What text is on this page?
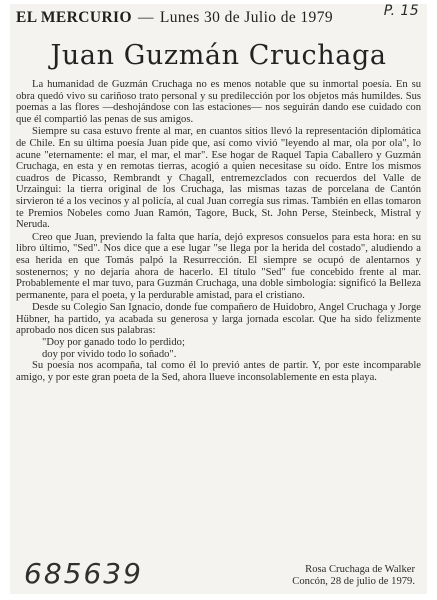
EL MERCURIO — Lunes 30 de Julio de 1979	P. 15
Juan Guzmán Cruchaga

La humanidad de Guzmán Cruchaga no es menos notable que su inmortal poesía. En su obra quedó vivo su cariñoso trato personal y su predilección por los objetos más humildes. Sus poemas a las flores —deshojándose con las estaciones— nos seguirán dando ese cuidado con que él compartió las penas de sus amigos.

Siempre su casa estuvo frente al mar, en cuantos sitios llevó la representación diplomática de Chile. En su última poesía Juan pide que, así como vivió "leyendo al mar, ola por ola", lo acune "eternamente: el mar, el mar, el mar". Ese hogar de Raquel Tapia Caballero y Guzmán Cruchaga, en esta y en remotas tierras, acogió a quien necesitase su oído. Entre los mismos cuadros de Picasso, Rembrandt y Chagall, entremezclados con recuerdos del Valle de Urzaingui: la tierra original de los Cruchaga, las mismas tazas de porcelana de Cantón sirvieron té a los vecinos y al policía, al cual Juan corregía sus rimas. También en ellas tomaron te Premios Nobeles como Juan Ramón, Tagore, Buck, St. John Perse, Steinbeck, Mistral y Neruda.

Creo que Juan, previendo la falta que haría, dejó expresos consuelos para esta hora: en su libro último, "Sed". Nos dice que a ese lugar "se llega por la herida del costado", aludiendo a esa herida en que Tomás palpó la Resurrección. El siempre se ocupó de alentarnos y sostenernos; y no dejaría ahora de hacerlo. El título "Sed" fue concebido frente al mar. Probablemente el mar tuvo, para Guzmán Cruchaga, una doble simbología: significó la Belleza permanente, para el poeta, y la perdurable amistad, para el cristiano.

Desde su Colegio San Ignacio, donde fue compañero de Huidobro, Angel Cruchaga y Jorge Hübner, ha partido, ya acabada su generosa y larga jornada escolar. Que ha sido felizmente aprobado nos dicen sus palabras:

"Doy por ganado todo lo perdido;
doy por vivido todo lo soñado".

Su poesía nos acompaña, tal como él lo previó antes de partir. Y, por este incomparable amigo, y por este gran poeta de la Sed, ahora llueve inconsolablemente en esta playa.

685639	Rosa Cruchaga de Walker
Concón, 28 de julio de 1979.
